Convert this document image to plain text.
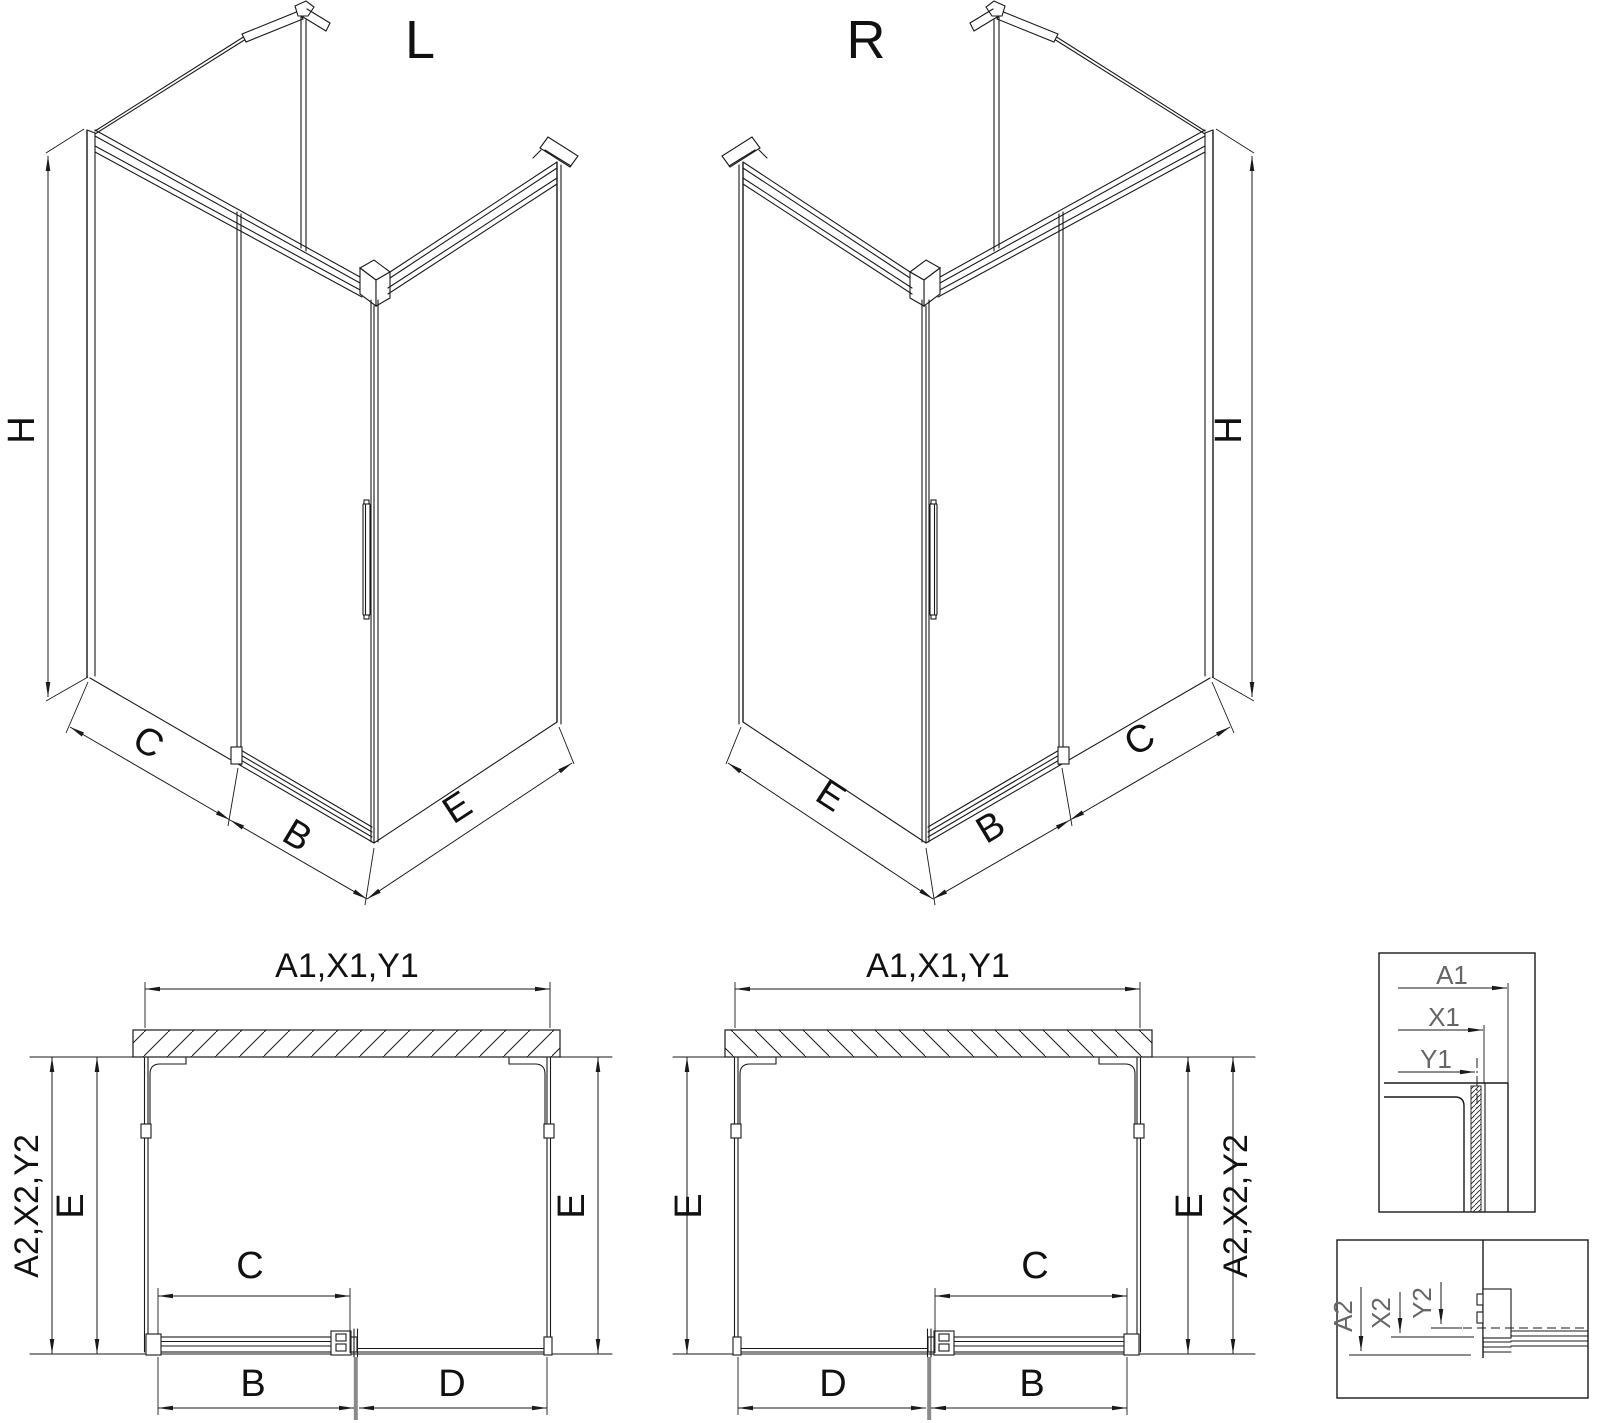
L
H
C
B
E
R
H
E
B
C
A1,X1,Y1
A2,X2,Y2 E	E
C
B	D
A1,X1,Y1
A2,X2,Y2
E	E
C
B
D
A1
X1
Y1
A2 X2 Y2
